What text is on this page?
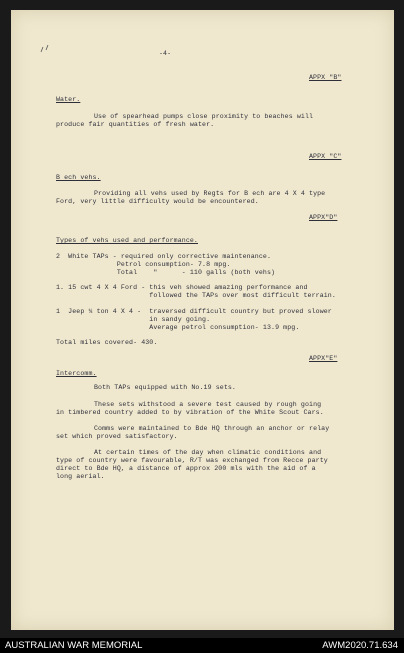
-4-
APPX "B"
Water.
Use of spearhead pumps close proximity to beaches will
produce fair quantities of fresh water.
APPX "C"
B ech vehs.
Providing all vehs used by Regts for B ech are 4 X 4 type
Ford, very little difficulty would be encountered.
APPX"D"
Types of vehs used and performance.
2  White TAPs - required only corrective maintenance.
Petrol consumption- 7.8 mpg.
Total    "      - 110 galls (both vehs)
1. 15 cwt 4 X 4 Ford - this veh showed amazing performance and
followed the TAPs over most difficult terrain.
1  Jeep ¼ ton 4 X 4 -  traversed difficult country but proved slower
in sandy going.
Average petrol consumption- 13.9 mpg.
Total miles covered- 430.
APPX"E"
Intercomm.
Both TAPs equipped with No.19 sets.
These sets withstood a severe test caused by rough going
in timbered country added to by vibration of the White Scout Cars.
Comms were maintained to Bde HQ through an anchor or relay
set which proved satisfactory.
At certain times of the day when climatic conditions and
type of country were favourable, R/T was exchanged from Recce party
direct to Bde HQ, a distance of approx 200 mls with the aid of a
long aerial.
AUSTRALIAN WAR MEMORIAL	AWM2020.71.634
